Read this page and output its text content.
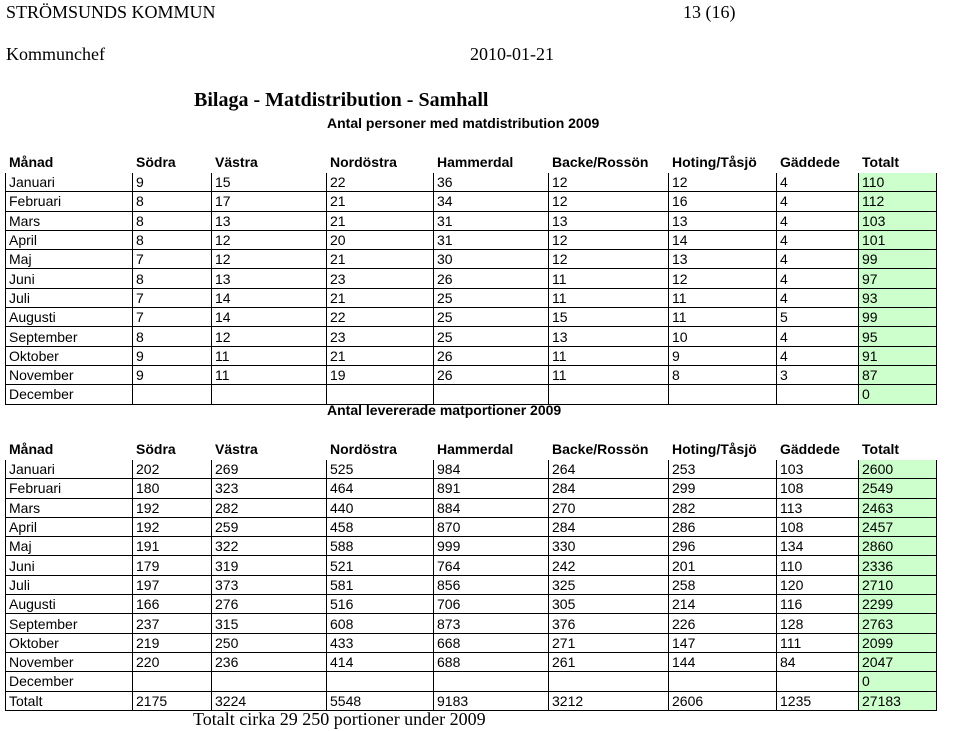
STRÖMSUNDS KOMMUN	13 (16)
Kommunchef	2010-01-21
Bilaga - Matdistribution - Samhall
Antal personer med matdistribution 2009
Månad	Södra	Västra	Nordöstra	Hammerdal	Backe/Rossön	Hoting/Tåsjö	Gäddede	Totalt
Januari	9	15	22	36	12	12	4	110
Februari	8	17	21	34	12	16	4	112
Mars	8	13	21	31	13	13	4	103
April	8	12	20	31	12	14	4	101
Maj	7	12	21	30	12	13	4	99
Juni	8	13	23	26	11	12	4	97
Juli	7	14	21	25	11	11	4	93
Augusti	7	14	22	25	15	11	5	99
September	8	12	23	25	13	10	4	95
Oktober	9	11	21	26	11	9	4	91
November	9	11	19	26	11	8	3	87
December								0
Antal levererade matportioner 2009
Månad	Södra	Västra	Nordöstra	Hammerdal	Backe/Rossön	Hoting/Tåsjö	Gäddede	Totalt
Januari	202	269	525	984	264	253	103	2600
Februari	180	323	464	891	284	299	108	2549
Mars	192	282	440	884	270	282	113	2463
April	192	259	458	870	284	286	108	2457
Maj	191	322	588	999	330	296	134	2860
Juni	179	319	521	764	242	201	110	2336
Juli	197	373	581	856	325	258	120	2710
Augusti	166	276	516	706	305	214	116	2299
September	237	315	608	873	376	226	128	2763
Oktober	219	250	433	668	271	147	111	2099
November	220	236	414	688	261	144	84	2047
December								0
Totalt	2175	3224	5548	9183	3212	2606	1235	27183
Totalt cirka 29 250 portioner under 2009
